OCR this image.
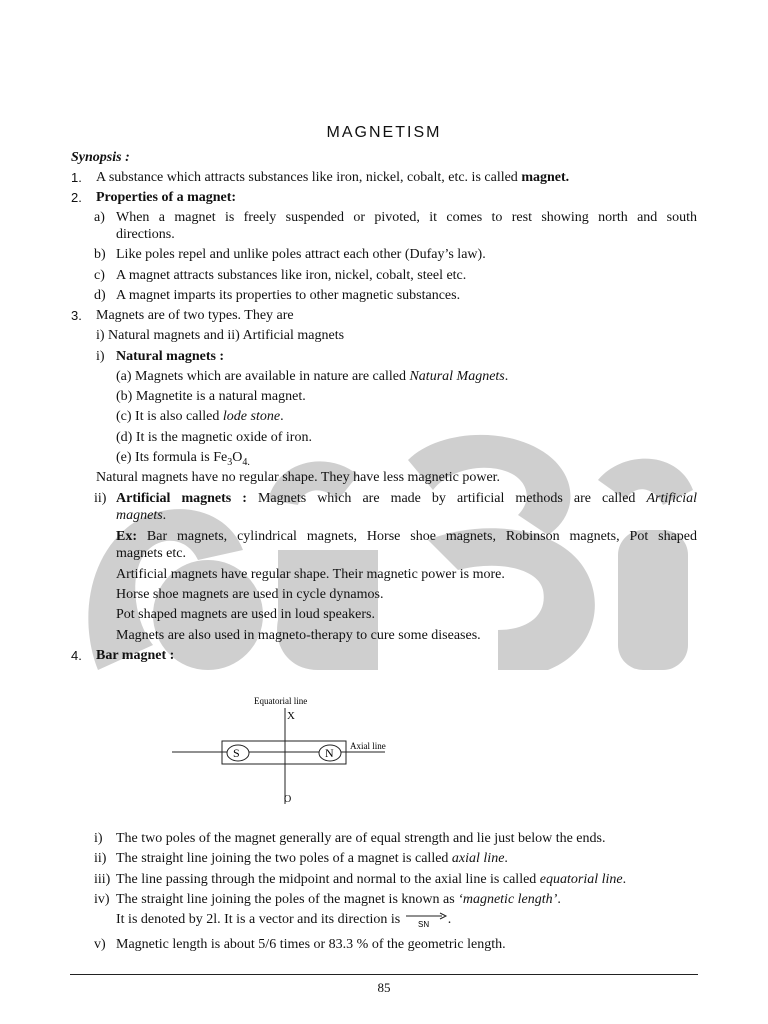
MAGNETISM
Synopsis :
1. A substance which attracts substances like iron, nickel, cobalt, etc. is called magnet.
2. Properties of a magnet:
a) When a magnet is freely suspended or pivoted, it comes to rest showing north and south
directions.
b) Like poles repel and unlike poles attract each other (Dufay’s law).
c) A magnet attracts substances like iron, nickel, cobalt, steel etc.
d) A magnet imparts its properties to other magnetic substances.
3. Magnets are of two types. They are
i) Natural magnets and ii) Artificial magnets
i) Natural magnets :
(a) Magnets which are available in nature are called Natural Magnets.
(b) Magnetite is a natural magnet.
(c) It is also called lode stone.
(d) It is the magnetic oxide of iron.
(e) Its formula is $Fe_3O_{4.}$
Natural magnets have no regular shape. They have less magnetic power.
ii) Artificial magnets : Magnets which are made by artificial methods are called Artificial
magnets.
Ex: Bar magnets, cylindrical magnets, Horse shoe magnets, Robinson magnets, Pot shaped
magnets etc.
Artificial magnets have regular shape. Their magnetic power is more.
Horse shoe magnets are used in cycle dynamos.
Pot shaped magnets are used in loud speakers.
Magnets are also used in magneto-therapy to cure some diseases.
4. Bar magnet :
Equatorial line
X
S	N Axial line
O
i) The two poles of the magnet generally are of equal strength and lie just below the ends.
ii) The straight line joining the two poles of a magnet is called axial line.
iii) The line passing through the midpoint and normal to the axial line is called equatorial line.
iv) The straight line joining the poles of the magnet is known as ‘magnetic length’.
It is denoted by 2l. It is a vector and its direction is SN .
v) Magnetic length is about 5/6 times or 83.3 % of the geometric length.
85
